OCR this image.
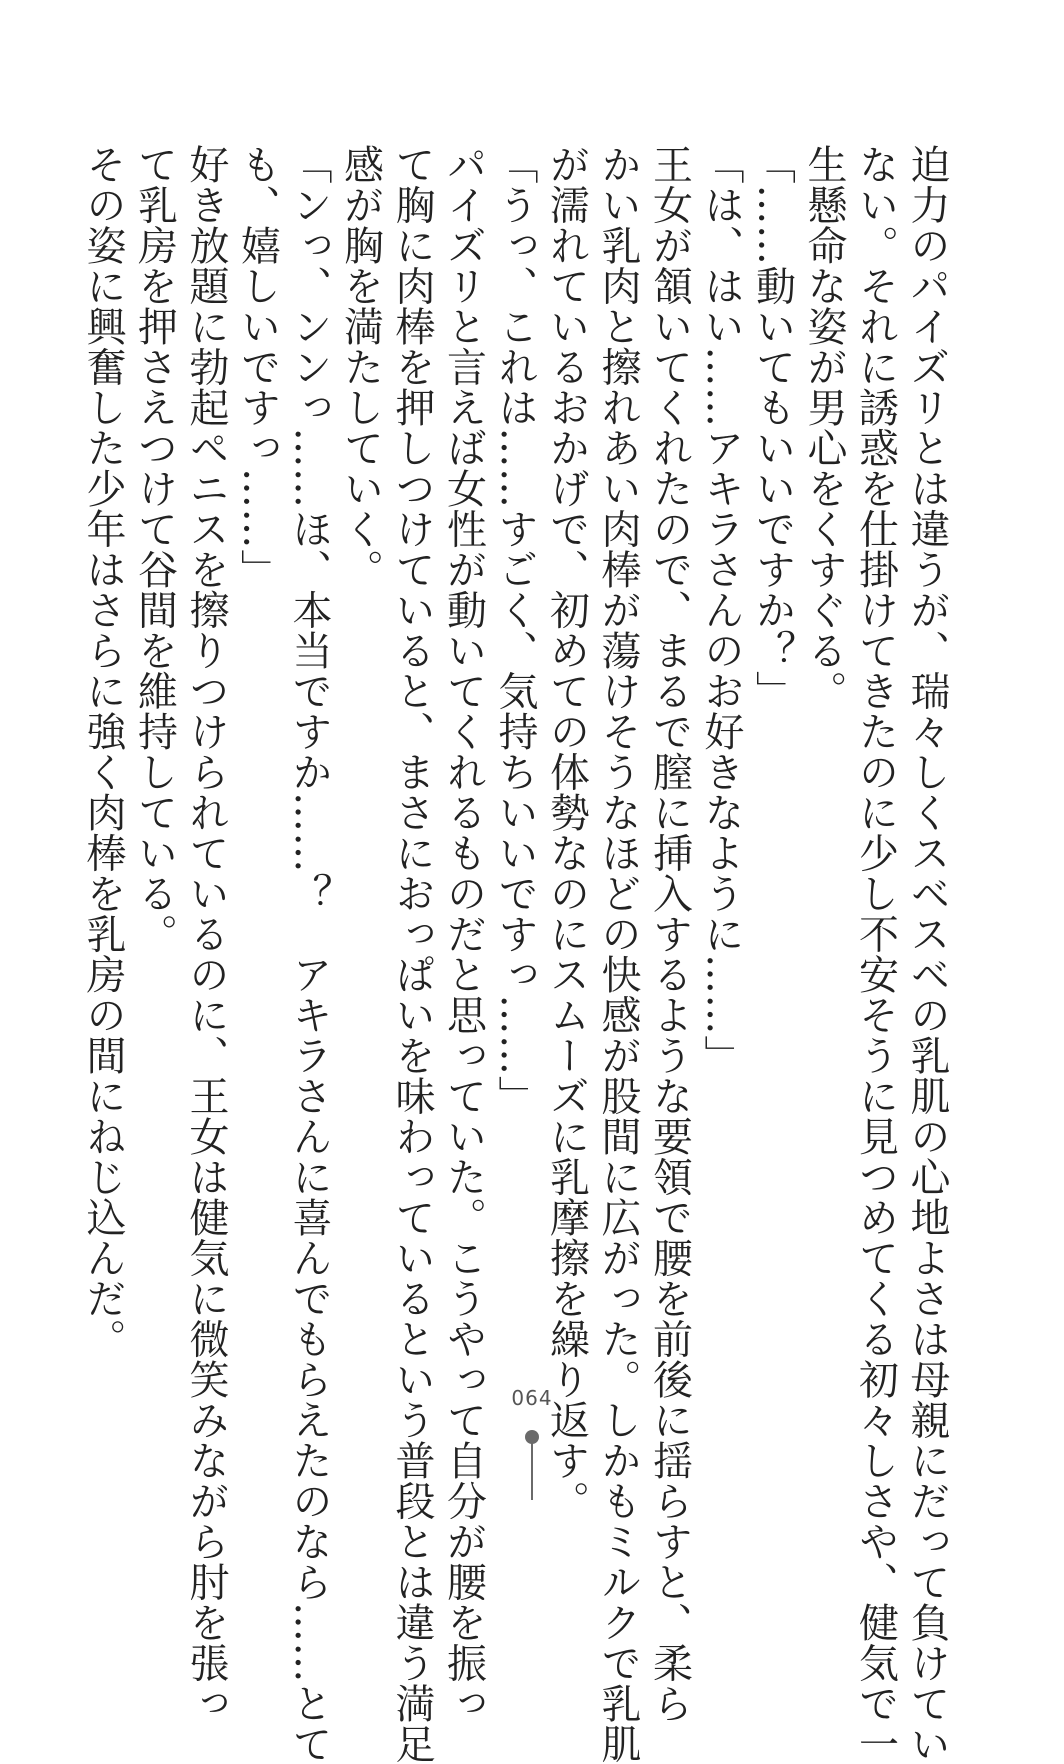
迫力のパイズリとは違うが、瑞々しくスベスベの乳肌の心地よさは母親にだって負けてい
ない。それに誘惑を仕掛けてきたのに少し不安そうに見つめてくる初々しさや、健気で一
生懸命な姿が男心をくすぐる。
「……動いてもいいですか？」
「は、はい……アキラさんのお好きなように……」
王女が頷いてくれたので、まるで膣に挿入するような要領で腰を前後に揺らすと、柔ら
かい乳肉と擦れあい肉棒が蕩けそうなほどの快感が股間に広がった。しかもミルクで乳肌
が濡れているおかげで、初めての体勢なのにスムーズに乳摩擦を繰り返す。
「うっ、これは……すごく、気持ちいいですっ……」
パイズリと言えば女性が動いてくれるものだと思っていた。こうやって自分が腰を振っ
て胸に肉棒を押しつけていると、まさにおっぱいを味わっているという普段とは違う満足
感が胸を満たしていく。
「ンっ、ンンっ……ほ、本当ですか……？　アキラさんに喜んでもらえたのなら……とて
も、嬉しいですっ……」
好き放題に勃起ペニスを擦りつけられているのに、王女は健気に微笑みながら肘を張っ
て乳房を押さえつけて谷間を維持している。
その姿に興奮した少年はさらに強く肉棒を乳房の間にねじ込んだ。
064
